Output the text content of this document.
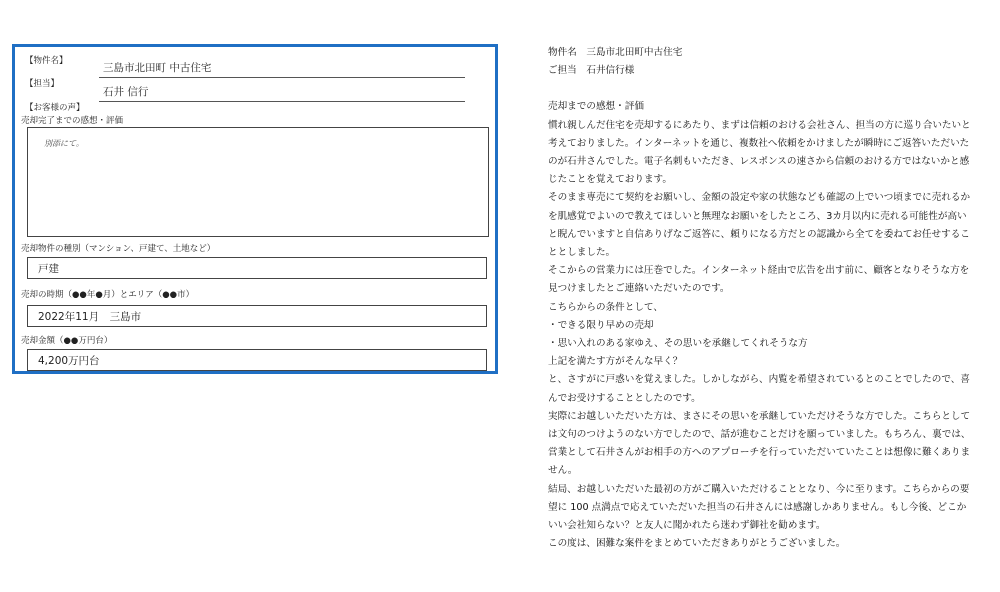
【物件名】
三島市北田町 中古住宅
【担当】
石井 信行
【お客様の声】
売却完了までの感想・評価
別添にて。
売却物件の種別（マンション、戸建て、土地など）
戸建
売却の時期（●●年●月）とエリア（●●市）
2022年11月　三島市
売却金額（●●万円台）
4,200万円台

物件名　三島市北田町中古住宅

ご担当　石井信行様

売却までの感想・評価

慣れ親しんだ住宅を売却するにあたり、まずは信頼のおける会社さん、担当の方に巡り合いたいと考えておりました。インターネットを通じ、複数社へ依頼をかけましたが瞬時にご返答いただいたのが石井さんでした。電子名刺もいただき、レスポンスの速さから信頼のおける方ではないかと感じたことを覚えております。

そのまま専売にて契約をお願いし、金額の設定や家の状態なども確認の上でいつ頃までに売れるかを肌感覚でよいので教えてほしいと無理なお願いをしたところ、3カ月以内に売れる可能性が高いと睨んでいますと自信ありげなご返答に、頼りになる方だとの認識から全てを委ねてお任せすることとしました。

そこからの営業力には圧巻でした。インターネット経由で広告を出す前に、顧客となりそうな方を見つけましたとご連絡いただいたのです。

こちらからの条件として、

・できる限り早めの売却

・思い入れのある家ゆえ、その思いを承継してくれそうな方

上記を満たす方がそんな早く？

と、さすがに戸惑いを覚えました。しかしながら、内覧を希望されているとのことでしたので、喜んでお受けすることとしたのです。

実際にお越しいただいた方は、まさにその思いを承継していただけそうな方でした。こちらとしては文句のつけようのない方でしたので、話が進むことだけを願っていました。もちろん、裏では、営業として石井さんがお相手の方へのアプローチを行っていただいていたことは想像に難くありません。

結局、お越しいただいた最初の方がご購入いただけることとなり、今に至ります。こちらからの要望に 100 点満点で応えていただいた担当の石井さんには感謝しかありません。もし今後、どこかいい会社知らない？と友人に聞かれたら迷わず御社を勧めます。

この度は、困難な案件をまとめていただきありがとうございました。
